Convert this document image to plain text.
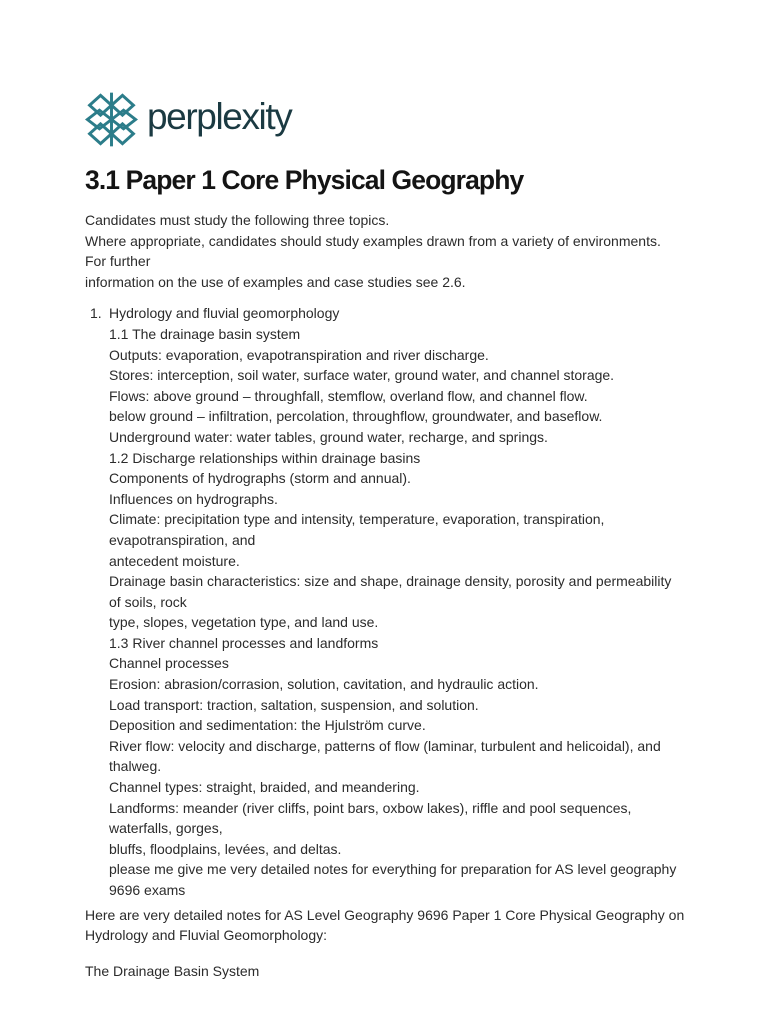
perplexity
3.1 Paper 1 Core Physical Geography
Candidates must study the following three topics.
Where appropriate, candidates should study examples drawn from a variety of environments.
For further
information on the use of examples and case studies see 2.6.
1. Hydrology and fluvial geomorphology
1.1 The drainage basin system
Outputs: evaporation, evapotranspiration and river discharge.
Stores: interception, soil water, surface water, ground water, and channel storage.
Flows: above ground – throughfall, stemflow, overland flow, and channel flow.
below ground – infiltration, percolation, throughflow, groundwater, and baseflow.
Underground water: water tables, ground water, recharge, and springs.
1.2 Discharge relationships within drainage basins
Components of hydrographs (storm and annual).
Influences on hydrographs.
Climate: precipitation type and intensity, temperature, evaporation, transpiration,
evapotranspiration, and
antecedent moisture.
Drainage basin characteristics: size and shape, drainage density, porosity and permeability
of soils, rock
type, slopes, vegetation type, and land use.
1.3 River channel processes and landforms
Channel processes
Erosion: abrasion/corrasion, solution, cavitation, and hydraulic action.
Load transport: traction, saltation, suspension, and solution.
Deposition and sedimentation: the Hjulström curve.
River flow: velocity and discharge, patterns of flow (laminar, turbulent and helicoidal), and
thalweg.
Channel types: straight, braided, and meandering.
Landforms: meander (river cliffs, point bars, oxbow lakes), riffle and pool sequences,
waterfalls, gorges,
bluffs, floodplains, levées, and deltas.
please me give me very detailed notes for everything for preparation for AS level geography
9696 exams
Here are very detailed notes for AS Level Geography 9696 Paper 1 Core Physical Geography on
Hydrology and Fluvial Geomorphology:
The Drainage Basin System
